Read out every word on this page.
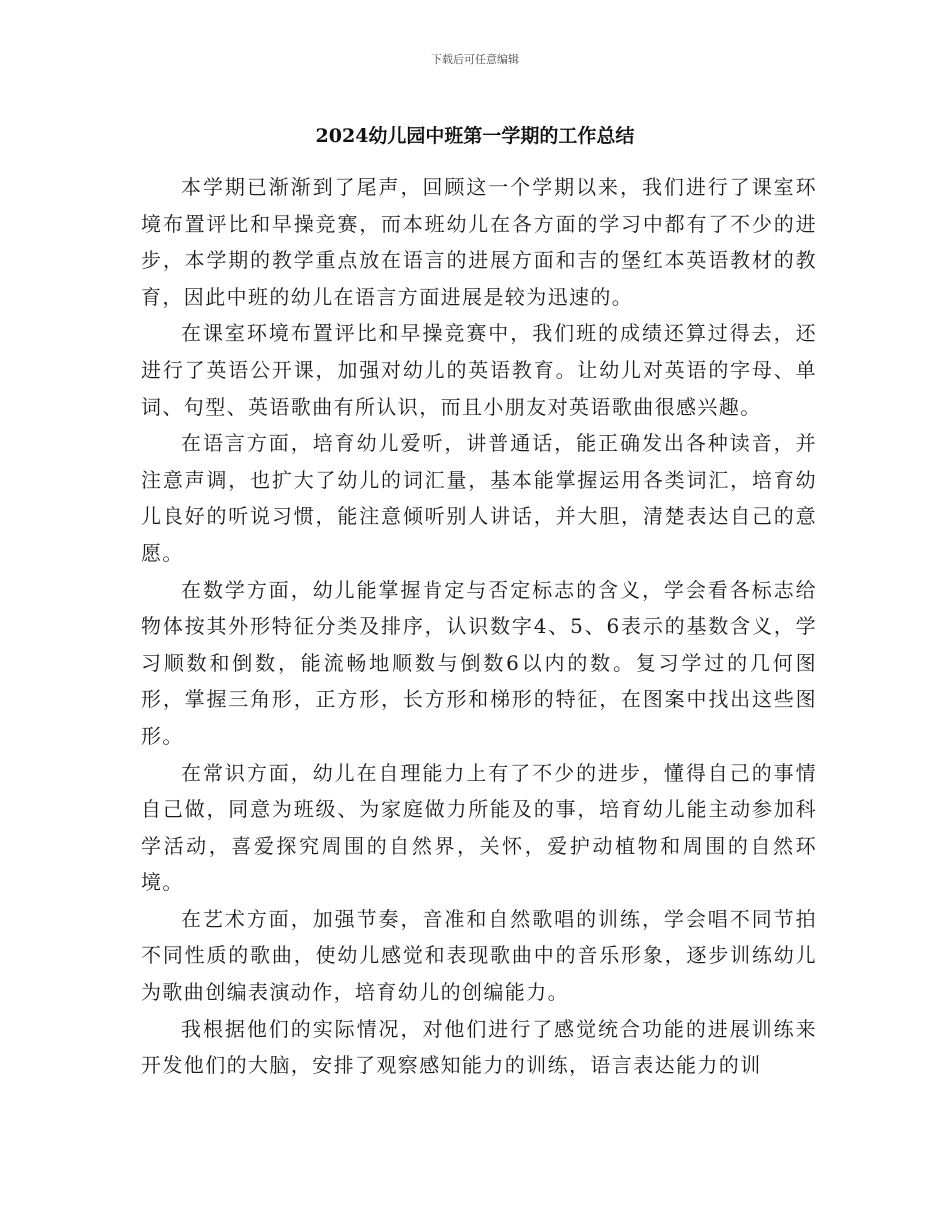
下载后可任意编辑
2024幼儿园中班第一学期的工作总结

本学期已渐渐到了尾声，回顾这一个学期以来，我们进行了课室环境布置评比和早操竞赛，而本班幼儿在各方面的学习中都有了不少的进步，本学期的教学重点放在语言的进展方面和吉的堡红本英语教材的教育，因此中班的幼儿在语言方面进展是较为迅速的。

在课室环境布置评比和早操竞赛中，我们班的成绩还算过得去，还进行了英语公开课，加强对幼儿的英语教育。让幼儿对英语的字母、单词、句型、英语歌曲有所认识，而且小朋友对英语歌曲很感兴趣。

在语言方面，培育幼儿爱听，讲普通话，能正确发出各种读音，并注意声调，也扩大了幼儿的词汇量，基本能掌握运用各类词汇，培育幼儿良好的听说习惯，能注意倾听别人讲话，并大胆，清楚表达自己的意愿。

在数学方面，幼儿能掌握肯定与否定标志的含义，学会看各标志给物体按其外形特征分类及排序，认识数字4、5、6表示的基数含义，学习顺数和倒数，能流畅地顺数与倒数6以内的数。复习学过的几何图形，掌握三角形，正方形，长方形和梯形的特征，在图案中找出这些图形。

在常识方面，幼儿在自理能力上有了不少的进步，懂得自己的事情自己做，同意为班级、为家庭做力所能及的事，培育幼儿能主动参加科学活动，喜爱探究周围的自然界，关怀，爱护动植物和周围的自然环境。

在艺术方面，加强节奏，音准和自然歌唱的训练，学会唱不同节拍不同性质的歌曲，使幼儿感觉和表现歌曲中的音乐形象，逐步训练幼儿为歌曲创编表演动作，培育幼儿的创编能力。

我根据他们的实际情况，对他们进行了感觉统合功能的进展训练来开发他们的大脑，安排了观察感知能力的训练，语言表达能力的训
